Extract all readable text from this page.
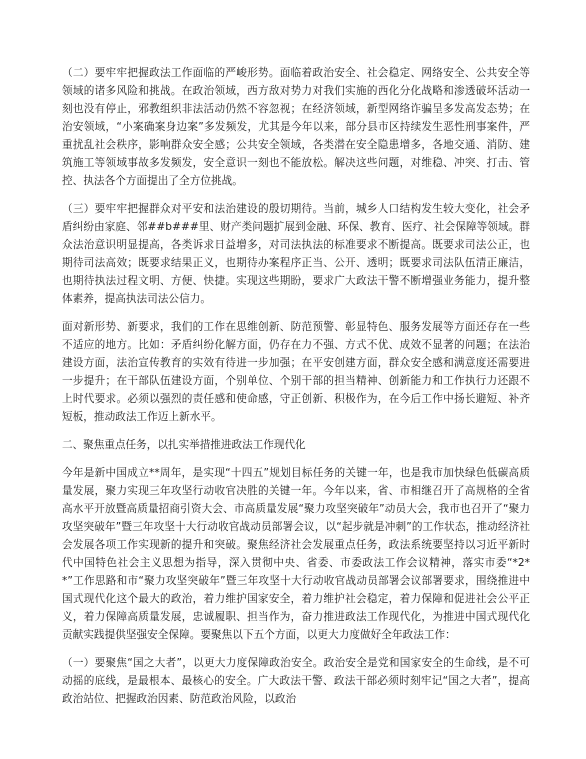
（二）要牢牢把握政法工作面临的严峻形势。面临着政治安全、社会稳定、网络安全、公共安全等领域的诸多风险和挑战。在政治领域，西方敌对势力对我们实施的西化分化战略和渗透破坏活动一刻也没有停止，邪教组织非法活动仍然不容忽视；在经济领域，新型网络诈骗呈多发高发态势；在治安领域，“小案确案身边案”多发频发，尤其是今年以来，部分县市区持续发生恶性刑事案件，严重扰乱社会秩序，影响群众安全感；公共安全领域，各类潜在安全隐患增多，各地交通、消防、建筑施工等领域事故多发频发，安全意识一刻也不能放松。解决这些问题，对维稳、冲突、打击、管控、执法各个方面提出了全方位挑战。

（三）要牢牢把握群众对平安和法治建设的殷切期待。当前，城乡人口结构发生较大变化，社会矛盾纠纷由家庭、邻##b###里、财产类问题扩展到金融、环保、教育、医疗、社会保障等领域。群众法治意识明显提高，各类诉求日益增多，对司法执法的标准要求不断提高。既要求司法公正，也期待司法高效；既要求结果正义，也期待办案程序正当、公开、透明；既要求司法队伍清正廉洁，也期待执法过程文明、方便、快捷。实现这些期盼，要求广大政法干警不断增强业务能力，提升整体素养，提高执法司法公信力。

面对新形势、新要求，我们的工作在思维创新、防范预警、彰显特色、服务发展等方面还存在一些不适应的地方。比如：矛盾纠纷化解方面，仍存在力不强、方式不优、成效不显著的问题；在法治建设方面，法治宣传教育的实效有待进一步加强；在平安创建方面，群众安全感和满意度还需要进一步提升；在干部队伍建设方面，个别单位、个别干部的担当精神、创新能力和工作执行力还跟不上时代要求。必须以强烈的责任感和使命感，守正创新、积极作为，在今后工作中扬长避短、补齐短板，推动政法工作迈上新水平。

二、聚焦重点任务，以扎实举措推进政法工作现代化

今年是新中国成立**周年，是实现“十四五”规划目标任务的关键一年，也是我市加快绿色低碳高质量发展，聚力实现三年攻坚行动收官决胜的关键一年。今年以来，省、市相继召开了高规格的全省高水平开放暨高质量招商引资大会、市高质量发展“聚力攻坚突破年”动员大会，我市也召开了“聚力攻坚突破年”暨三年攻坚十大行动收官战动员部署会议，以“起步就是冲刺”的工作状态，推动经济社会发展各项工作实现新的提升和突破。聚焦经济社会发展重点任务，政法系统要坚持以习近平新时代中国特色社会主义思想为指导，深入贯彻中央、省委、市委政法工作会议精神，落实市委“*2**”工作思路和市“聚力攻坚突破年”暨三年攻坚十大行动收官战动员部署会议部署要求，围绕推进中国式现代化这个最大的政治，着力维护国家安全，着力维护社会稳定，着力保障和促进社会公平正义，着力保障高质量发展，忠诚履职、担当作为，奋力推进政法工作现代化，为推进中国式现代化贡献实践提供坚强安全保障。要聚焦以下五个方面，以更大力度做好全年政法工作：

（一）要聚焦“国之大者”，以更大力度保障政治安全。政治安全是党和国家安全的生命线，是不可动摇的底线，是最根本、最核心的安全。广大政法干警、政法干部必须时刻牢记“国之大者”，提高政治站位、把握政治因素、防范政治风险，以政治
